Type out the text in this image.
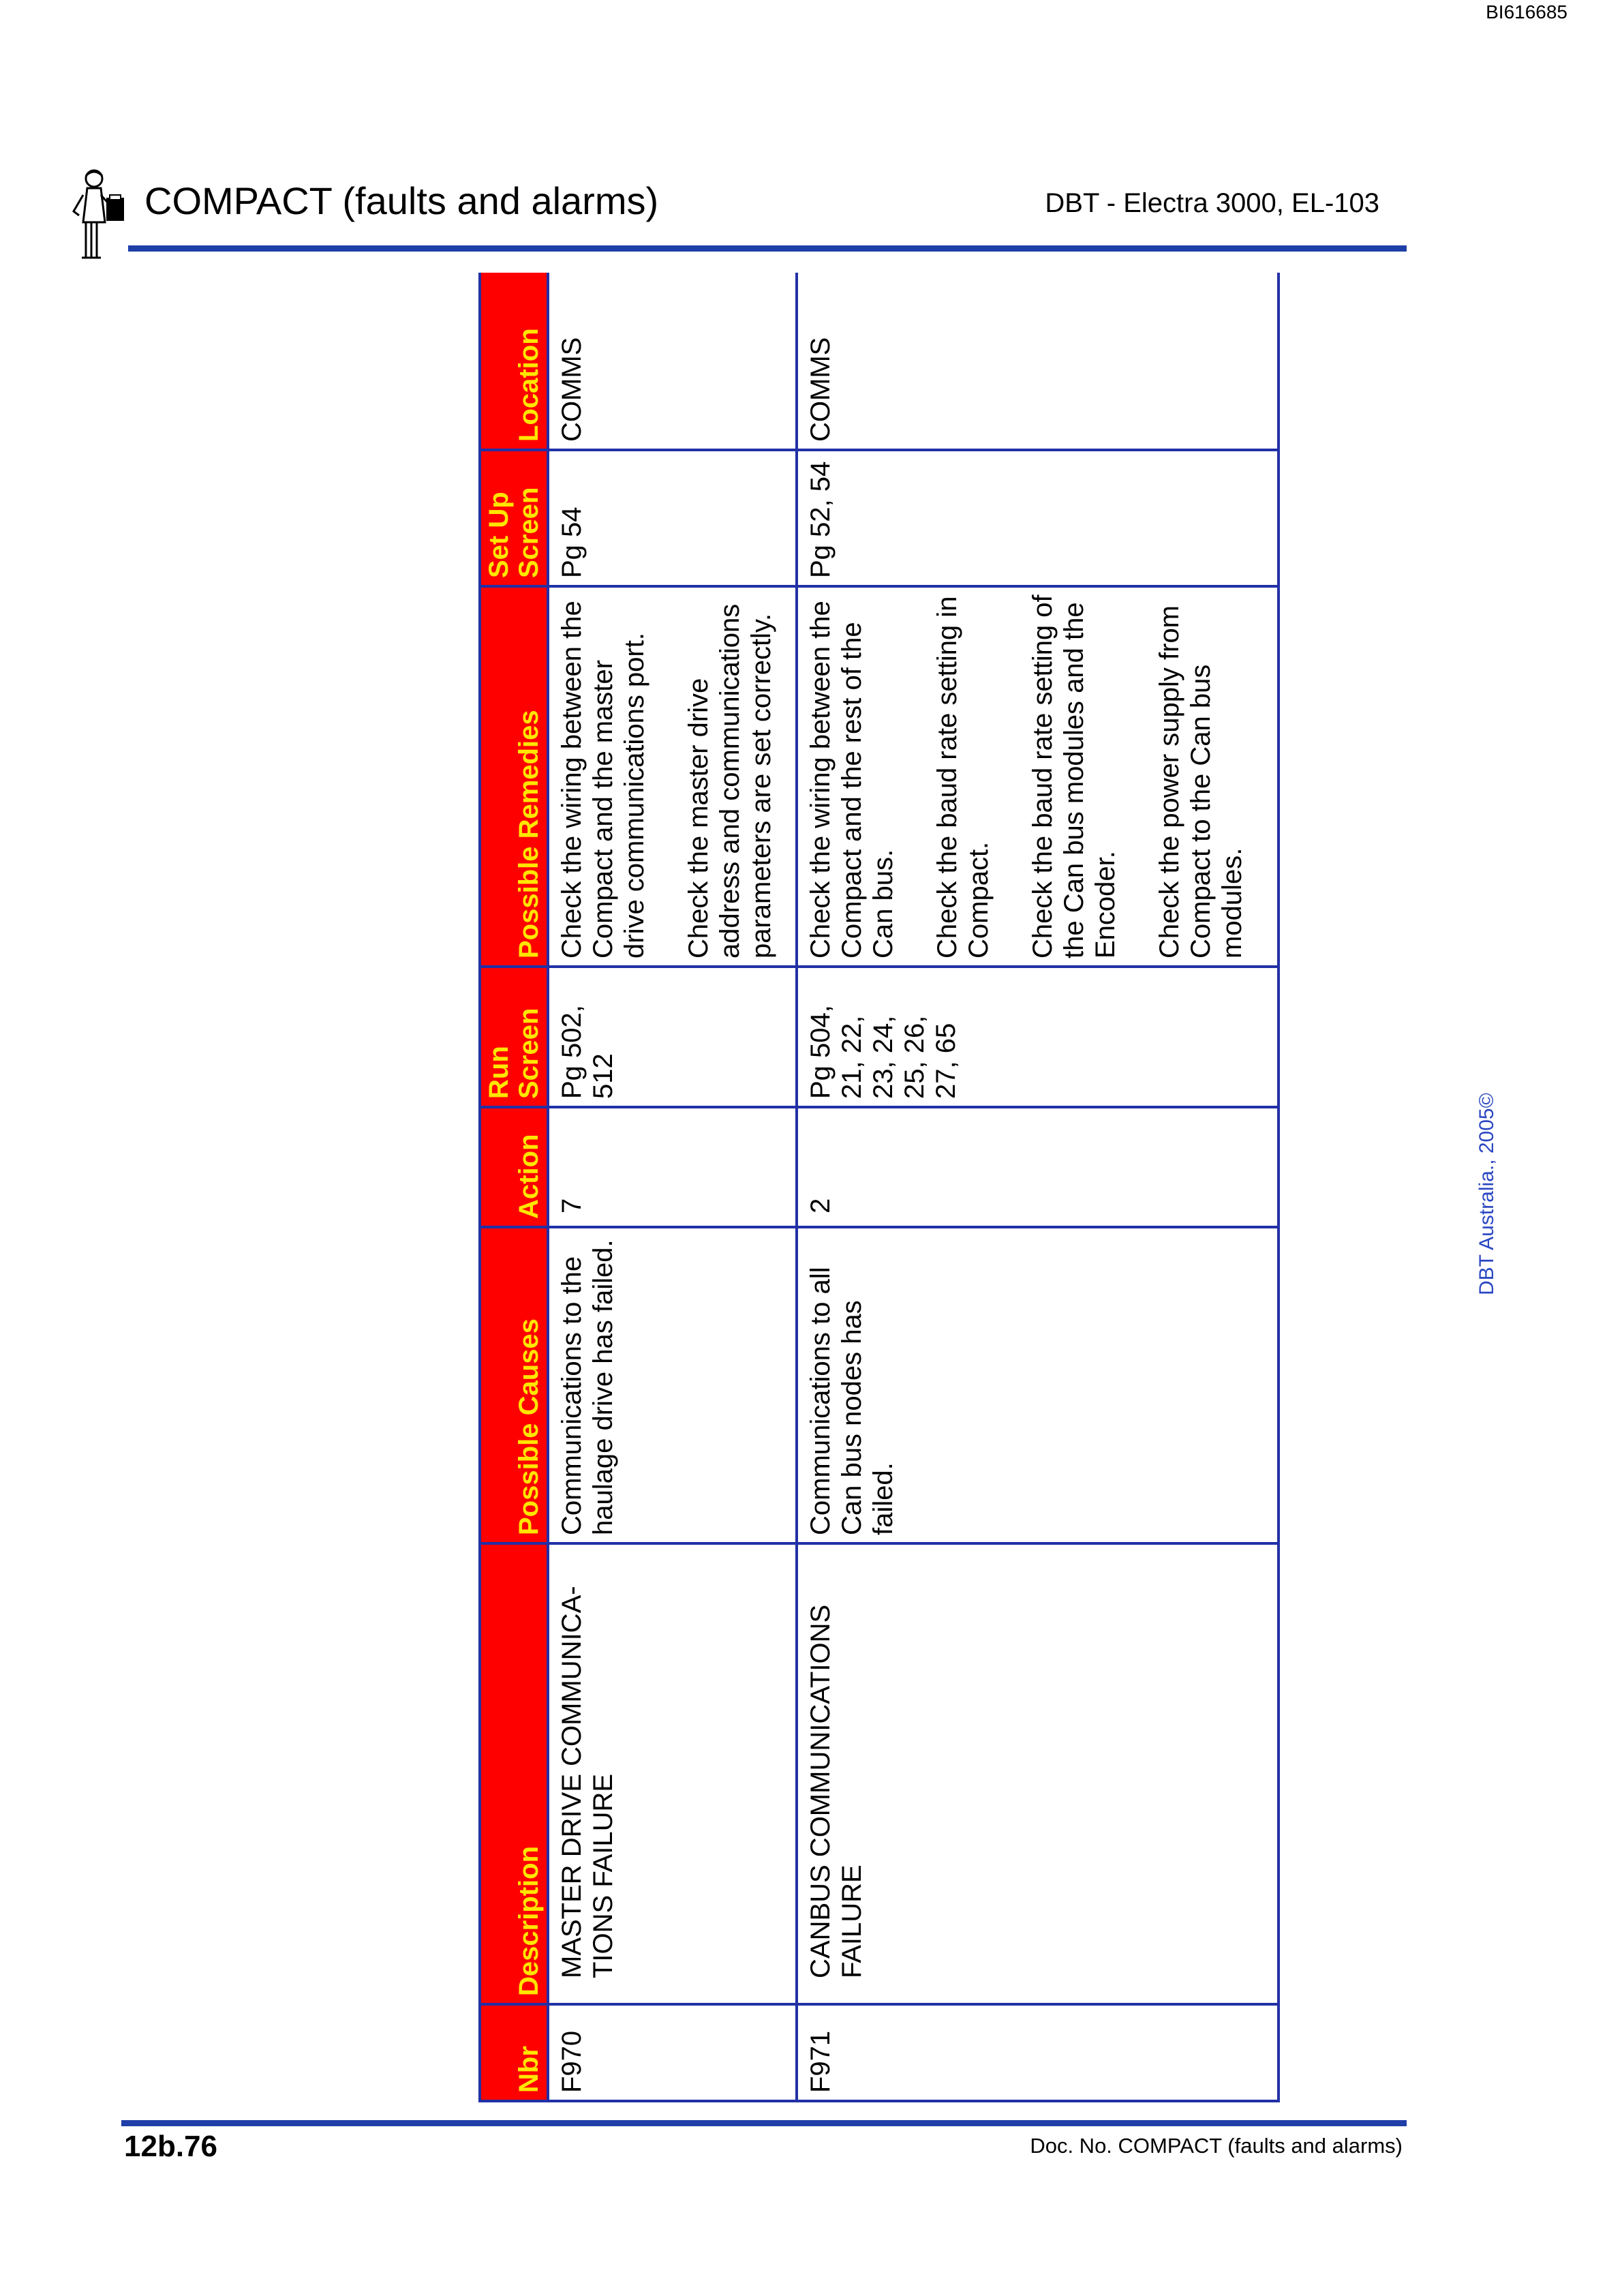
BI616685
COMPACT (faults and alarms)	DBT - Electra 3000, EL-103
Nbr	Description	Possible Causes	Action	Run Screen	Possible Remedies	Set Up Screen	Location
F970	MASTER DRIVE COMMUNICA-TIONS FAILURE	Communications to the haulage drive has failed.	7	Pg 502, 512	Check the wiring between the Compact and the master drive communications port. Check the master drive address and communications parameters are set correctly.	Pg 54	COMMS
F971	CANBUS COMMUNICATIONS FAILURE	Communications to all Can bus nodes has failed.	2	Pg 504, 21, 22, 23, 24, 25, 26, 27, 65	Check the wiring between the Compact and the rest of the Can bus. Check the baud rate setting in Compact. Check the baud rate setting of the Can bus modules and the Encoder. Check the power supply from Compact to the Can bus modules.	Pg 52, 54	COMMS
DBT Australia., 2005©
12b.76	Doc. No. COMPACT (faults and alarms)
